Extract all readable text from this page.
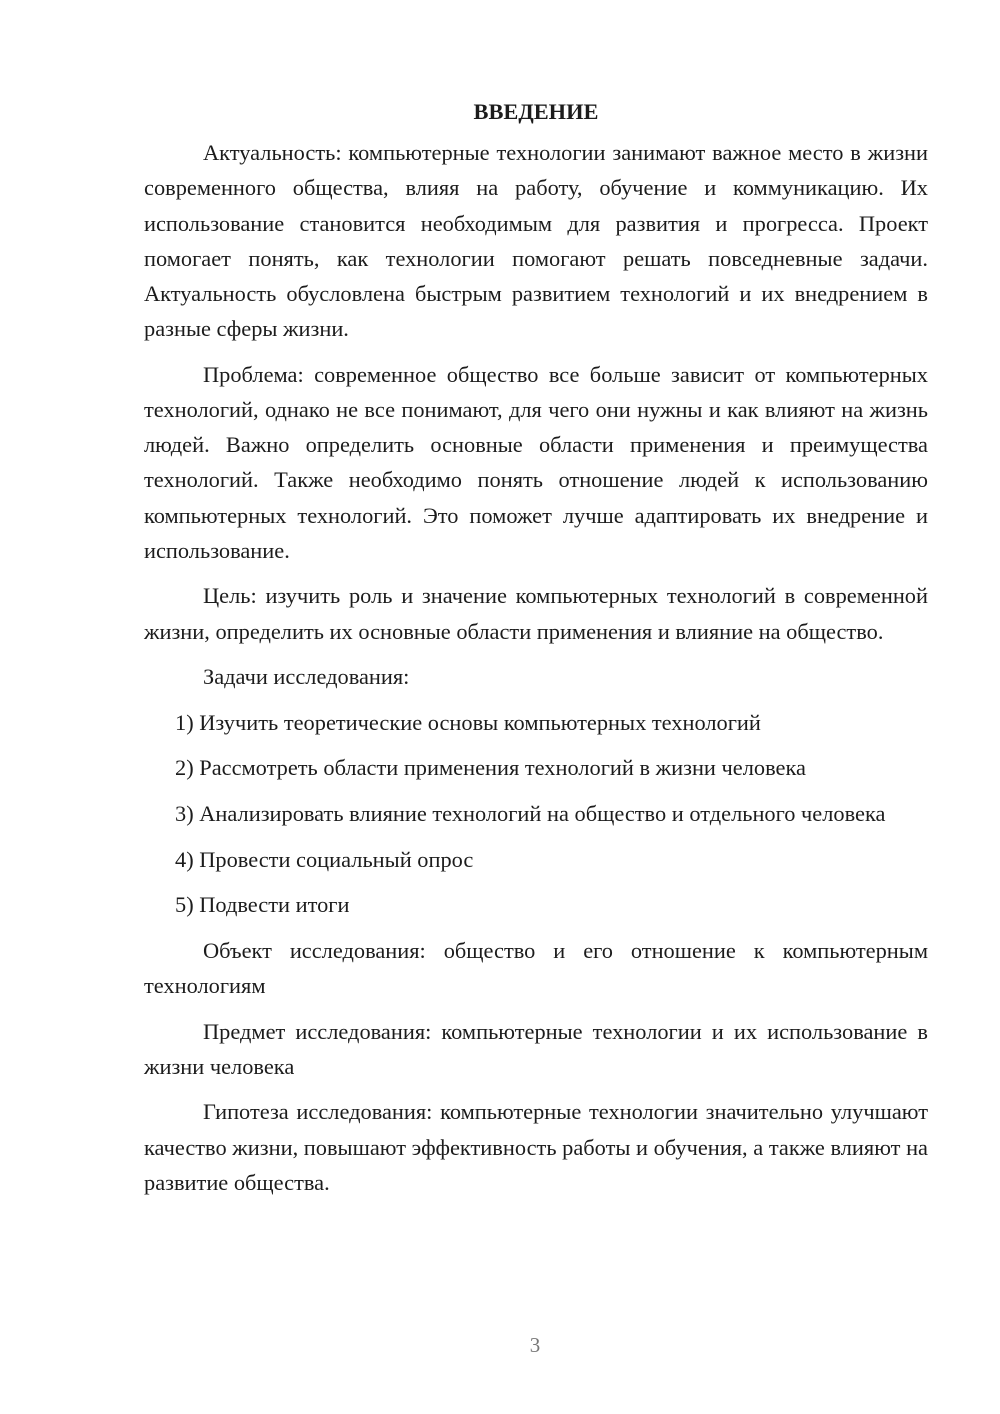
ВВЕДЕНИЕ

Актуальность: компьютерные технологии занимают важное место в жизни современного общества, влияя на работу, обучение и коммуникацию. Их использование становится необходимым для развития и прогресса. Проект помогает понять, как технологии помогают решать повседневные задачи. Актуальность обусловлена быстрым развитием технологий и их внедрением в разные сферы жизни.

Проблема: современное общество все больше зависит от компьютерных технологий, однако не все понимают, для чего они нужны и как влияют на жизнь людей. Важно определить основные области применения и преимущества технологий. Также необходимо понять отношение людей к использованию компьютерных технологий. Это поможет лучше адаптировать их внедрение и использование.

Цель: изучить роль и значение компьютерных технологий в современной жизни, определить их основные области применения и влияние на общество.

Задачи исследования:

1) Изучить теоретические основы компьютерных технологий

2) Рассмотреть области применения технологий в жизни человека

3) Анализировать влияние технологий на общество и отдельного человека

4) Провести социальный опрос

5) Подвести итоги

Объект исследования: общество и его отношение к компьютерным технологиям

Предмет исследования: компьютерные технологии и их использование в жизни человека

Гипотеза исследования: компьютерные технологии значительно улучшают качество жизни, повышают эффективность работы и обучения, а также влияют на развитие общества.

3
